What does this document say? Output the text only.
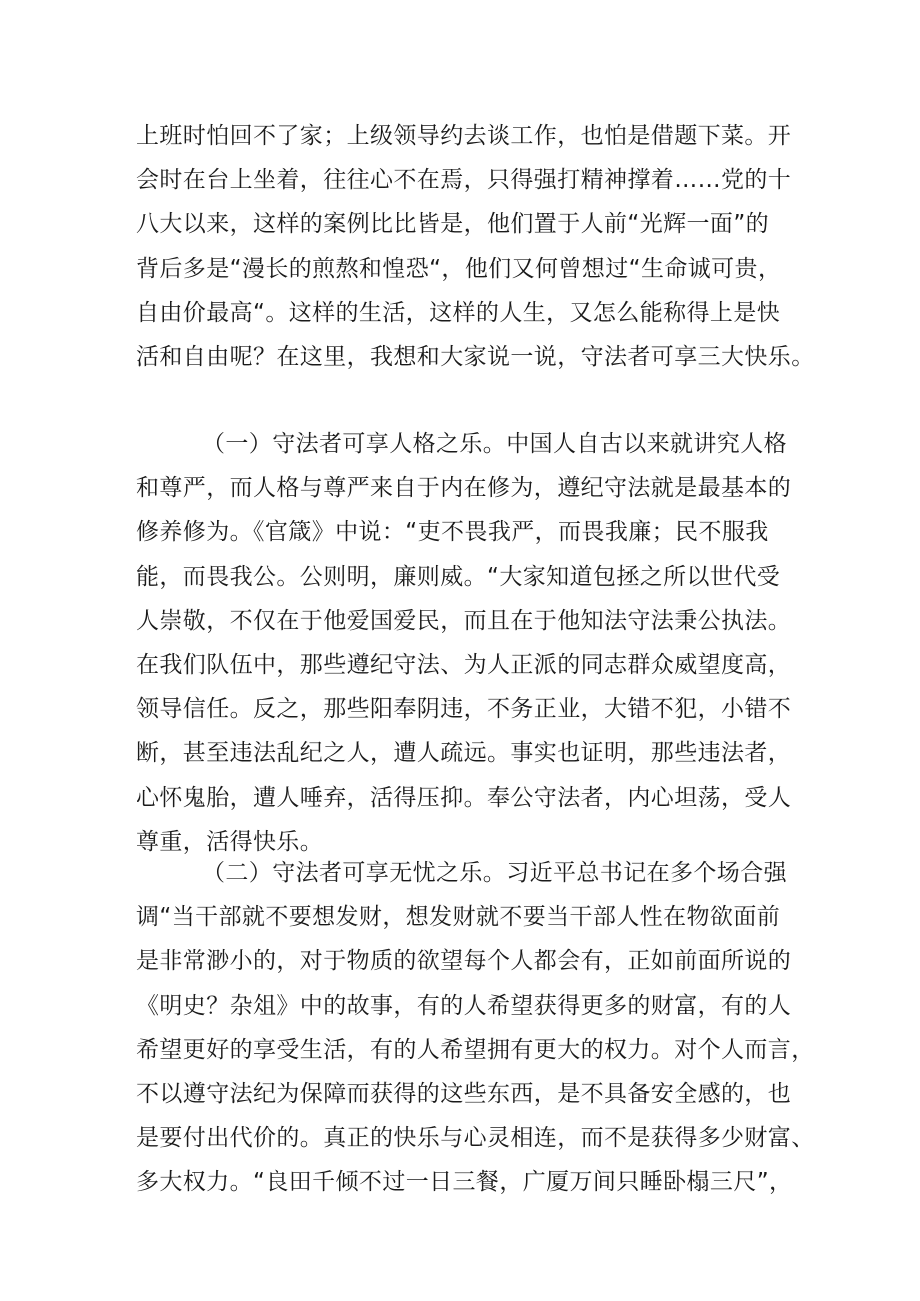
上班时怕回不了家；上级领导约去谈工作，也怕是借题下菜。开
会时在台上坐着，往往心不在焉，只得强打精神撑着……党的十
八大以来，这样的案例比比皆是，他们置于人前“光辉一面”的
背后多是“漫长的煎熬和惶恐“，他们又何曾想过“生命诚可贵，
自由价最高“。这样的生活，这样的人生，又怎么能称得上是快
活和自由呢？在这里，我想和大家说一说，守法者可享三大快乐。
（一）守法者可享人格之乐。中国人自古以来就讲究人格
和尊严，而人格与尊严来自于内在修为，遵纪守法就是最基本的
修养修为。《官箴》中说：“吏不畏我严，而畏我廉；民不服我
能，而畏我公。公则明，廉则威。“大家知道包拯之所以世代受
人崇敬，不仅在于他爱国爱民，而且在于他知法守法秉公执法。
在我们队伍中，那些遵纪守法、为人正派的同志群众威望度高，
领导信任。反之，那些阳奉阴违，不务正业，大错不犯，小错不
断，甚至违法乱纪之人，遭人疏远。事实也证明，那些违法者，
心怀鬼胎，遭人唾弃，活得压抑。奉公守法者，内心坦荡，受人
尊重，活得快乐。
（二）守法者可享无忧之乐。习近平总书记在多个场合强
调“当干部就不要想发财，想发财就不要当干部人性在物欲面前
是非常渺小的，对于物质的欲望每个人都会有，正如前面所说的
《明史？杂俎》中的故事，有的人希望获得更多的财富，有的人
希望更好的享受生活，有的人希望拥有更大的权力。对个人而言，
不以遵守法纪为保障而获得的这些东西，是不具备安全感的，也
是要付出代价的。真正的快乐与心灵相连，而不是获得多少财富、
多大权力。“良田千倾不过一日三餐，广厦万间只睡卧榻三尺”，
